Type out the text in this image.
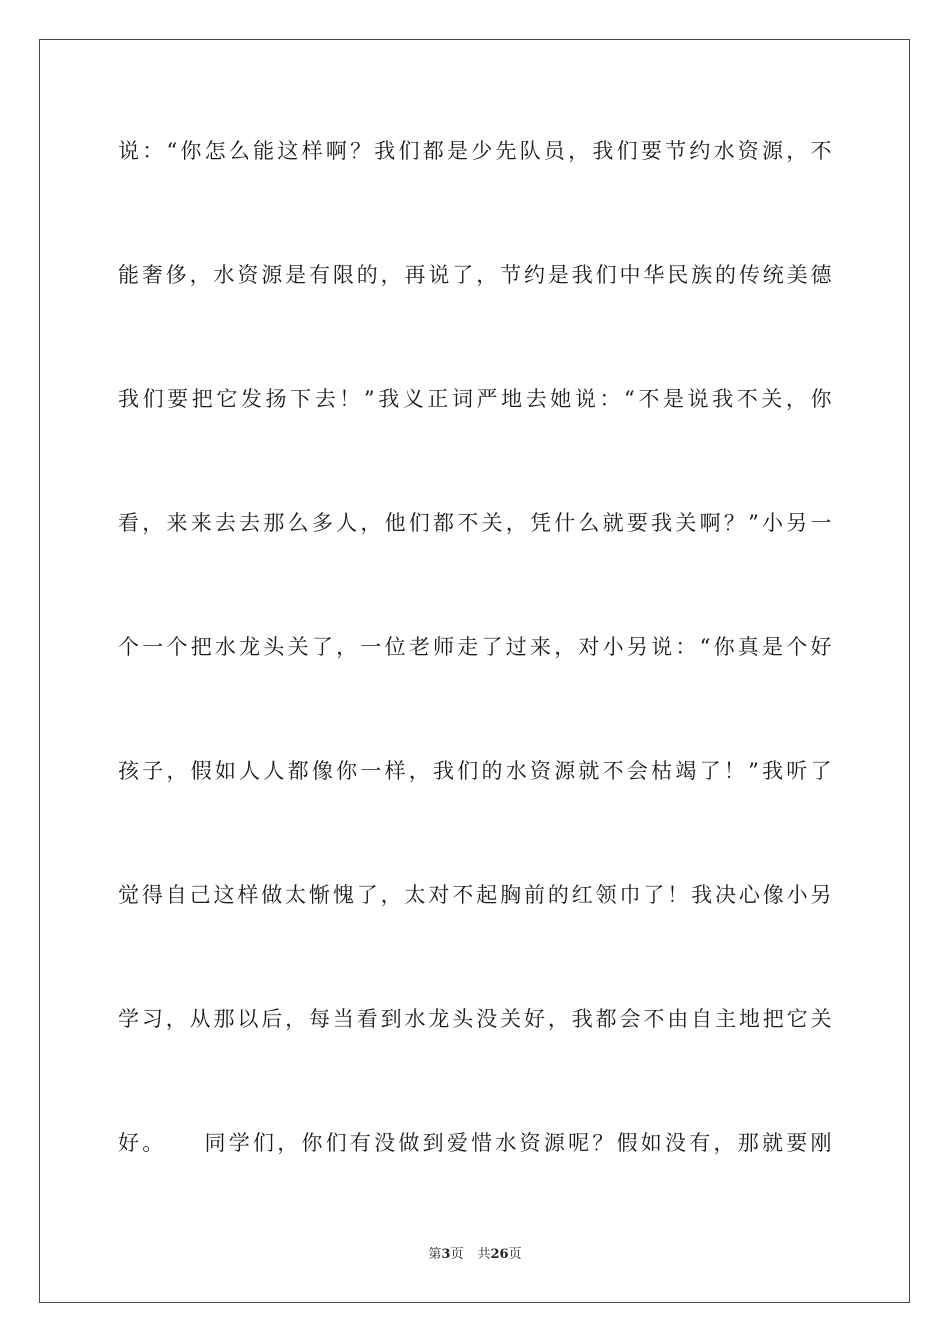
说：“你怎么能这样啊？我们都是少先队员，我们要节约水资源，不
能奢侈，水资源是有限的，再说了，节约是我们中华民族的传统美德
我们要把它发扬下去！”我义正词严地去她说：“不是说我不关，你
看，来来去去那么多人，他们都不关，凭什么就要我关啊？”小另一
个一个把水龙头关了，一位老师走了过来，对小另说：“你真是个好
孩子，假如人人都像你一样，我们的水资源就不会枯竭了！”我听了
觉得自己这样做太惭愧了，太对不起胸前的红领巾了！我决心像小另
学习，从那以后，每当看到水龙头没关好，我都会不由自主地把它关
好。　　同学们，你们有没做到爱惜水资源呢？假如没有，那就要刚
第3页 共26页
